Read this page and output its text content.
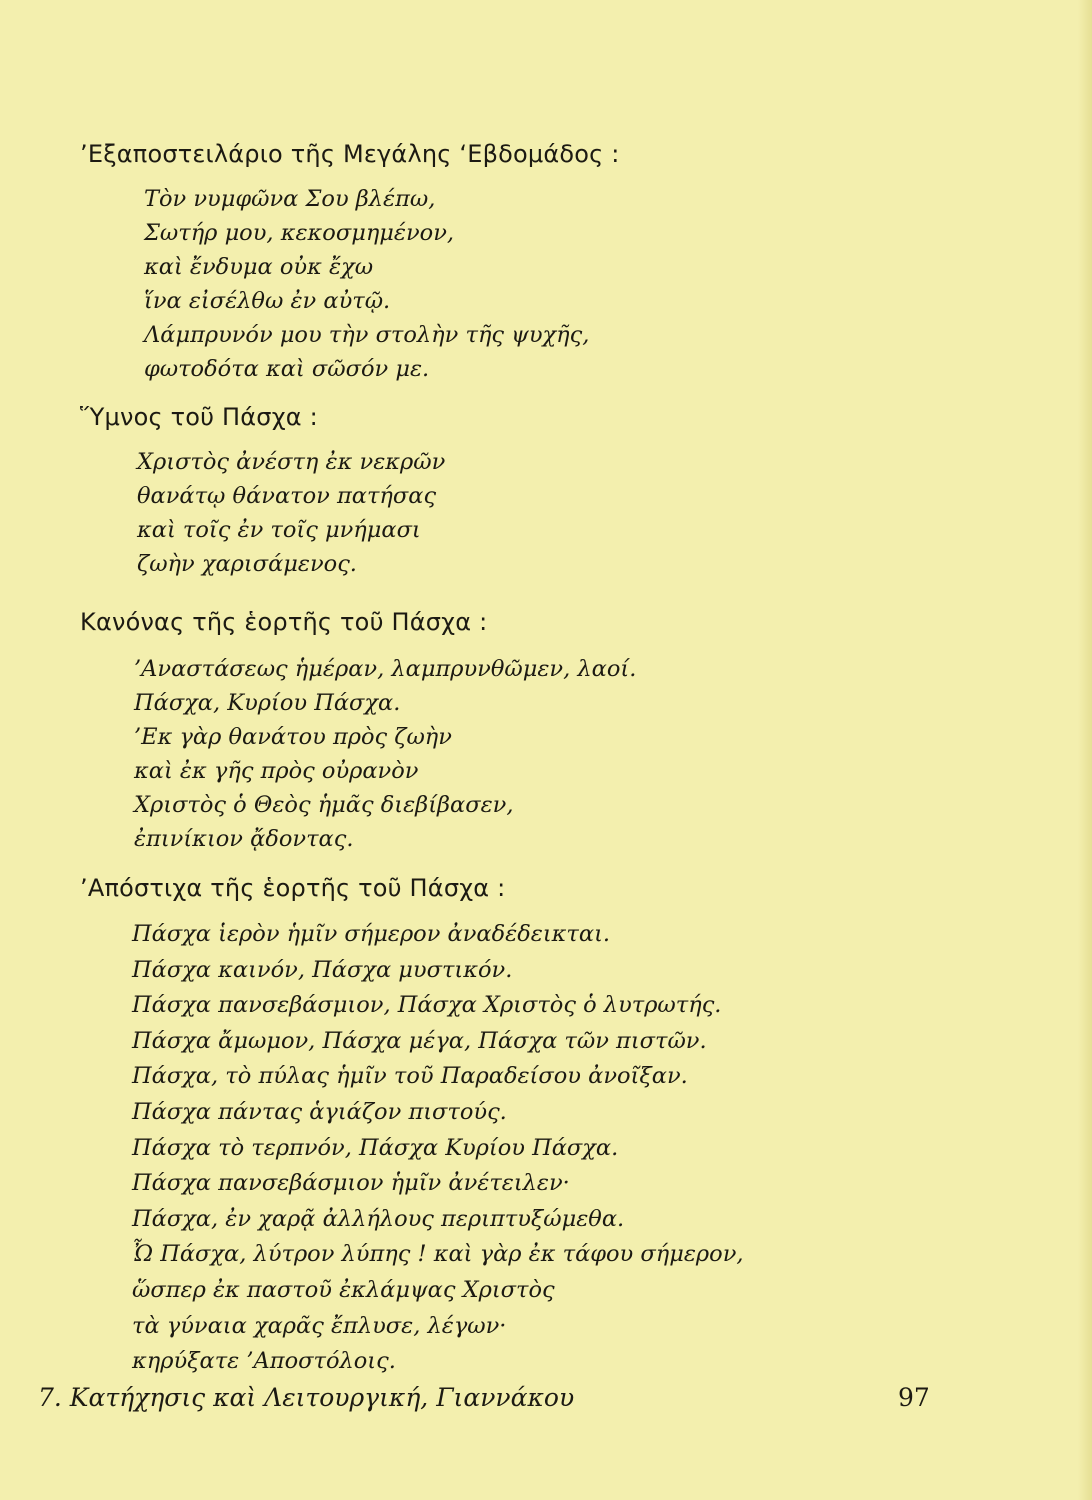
’Εξαποστειλάριο τῆς Μεγάλης ‘Εβδομάδος :
Τὸν νυμφῶνα Σου βλέπω,
Σωτήρ μου, κεκοσμημένον,
καὶ ἔνδυμα οὐκ ἔχω
ἵνα εἰσέλθω ἐν αὐτῷ.
Λάμπρυνόν μου τὴν στολὴν τῆς ψυχῆς,
φωτοδότα καὶ σῶσόν με.
Ὕμνος τοῦ Πάσχα :
Χριστὸς ἀνέστη ἐκ νεκρῶν
θανάτῳ θάνατον πατήσας
καὶ τοῖς ἐν τοῖς μνήμασι
ζωὴν χαρισάμενος.
Κανόνας τῆς ἑορτῆς τοῦ Πάσχα :
’Αναστάσεως ἡμέραν, λαμπρυνθῶμεν, λαοί.
Πάσχα, Κυρίου Πάσχα.
’Εκ γὰρ θανάτου πρὸς ζωὴν
καὶ ἐκ γῆς πρὸς οὐρανὸν
Χριστὸς ὁ Θεὸς ἡμᾶς διεβίβασεν,
ἐπινίκιον ᾄδοντας.
’Απόστιχα τῆς ἑορτῆς τοῦ Πάσχα :
Πάσχα ἱερὸν ἡμῖν σήμερον ἀναδέδεικται.
Πάσχα καινόν, Πάσχα μυστικόν.
Πάσχα πανσεβάσμιον, Πάσχα Χριστὸς ὁ λυτρωτής.
Πάσχα ἄμωμον, Πάσχα μέγα, Πάσχα τῶν πιστῶν.
Πάσχα, τὸ πύλας ἡμῖν τοῦ Παραδείσου ἀνοῖξαν.
Πάσχα πάντας ἁγιάζον πιστούς.
Πάσχα τὸ τερπνόν, Πάσχα Κυρίου Πάσχα.
Πάσχα πανσεβάσμιον ἡμῖν ἀνέτειλεν·
Πάσχα, ἐν χαρᾷ ἀλλήλους περιπτυξώμεθα.
Ὦ Πάσχα, λύτρον λύπης ! καὶ γὰρ ἐκ τάφου σήμερον,
ὥσπερ ἐκ παστοῦ ἐκλάμψας Χριστὸς
τὰ γύναια χαρᾶς ἔπλυσε, λέγων·
κηρύξατε ’Αποστόλοις.
7. Κατήχησις καὶ Λειτουργική, Γιαννάκου	97
